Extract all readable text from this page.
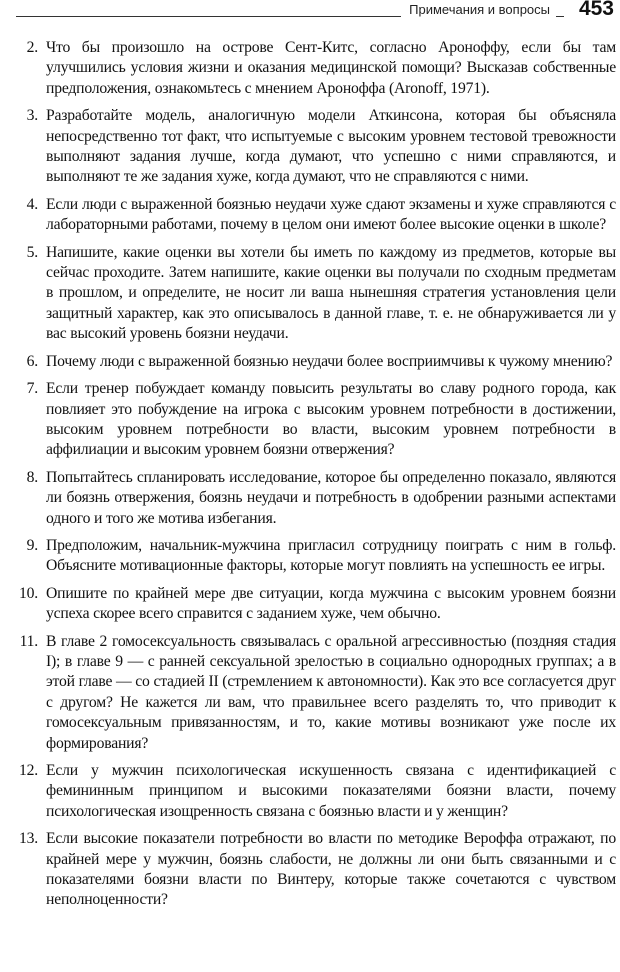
Примечания и вопросы 453
2. Что бы произошло на острове Сент-Китс, согласно Ароноффу, если бы там улучшились условия жизни и оказания медицинской помощи? Высказав собственные предположения, ознакомьтесь с мнением Ароноффа (Aronoff, 1971).
3. Разработайте модель, аналогичную модели Аткинсона, которая бы объясняла непосредственно тот факт, что испытуемые с высоким уровнем тестовой тревожности выполняют задания лучше, когда думают, что успешно с ними справляются, и выполняют те же задания хуже, когда думают, что не справляются с ними.
4. Если люди с выраженной боязнью неудачи хуже сдают экзамены и хуже справляются с лабораторными работами, почему в целом они имеют более высокие оценки в школе?
5. Напишите, какие оценки вы хотели бы иметь по каждому из предметов, которые вы сейчас проходите. Затем напишите, какие оценки вы получали по сходным предметам в прошлом, и определите, не носит ли ваша нынешняя стратегия установления цели защитный характер, как это описывалось в данной главе, т. е. не обнаруживается ли у вас высокий уровень боязни неудачи.
6. Почему люди с выраженной боязнью неудачи более восприимчивы к чужому мнению?
7. Если тренер побуждает команду повысить результаты во славу родного города, как повлияет это побуждение на игрока с высоким уровнем потребности в достижении, высоким уровнем потребности во власти, высоким уровнем потребности в аффилиации и высоким уровнем боязни отвержения?
8. Попытайтесь спланировать исследование, которое бы определенно показало, являются ли боязнь отвержения, боязнь неудачи и потребность в одобрении разными аспектами одного и того же мотива избегания.
9. Предположим, начальник-мужчина пригласил сотрудницу поиграть с ним в гольф. Объясните мотивационные факторы, которые могут повлиять на успешность ее игры.
10. Опишите по крайней мере две ситуации, когда мужчина с высоким уровнем боязни успеха скорее всего справится с заданием хуже, чем обычно.
11. В главе 2 гомосексуальность связывалась с оральной агрессивностью (поздняя стадия I); в главе 9 — с ранней сексуальной зрелостью в социально однородных группах; а в этой главе — со стадией II (стремлением к автономности). Как это все согласуется друг с другом? Не кажется ли вам, что правильнее всего разделять то, что приводит к гомосексуальным привязанностям, и то, какие мотивы возникают уже после их формирования?
12. Если у мужчин психологическая искушенность связана с идентификацией с фемининным принципом и высокими показателями боязни власти, почему психологическая изощренность связана с боязнью власти и у женщин?
13. Если высокие показатели потребности во власти по методике Вероффа отражают, по крайней мере у мужчин, боязнь слабости, не должны ли они быть связанными и с показателями боязни власти по Винтеру, которые также сочетаются с чувством неполноценности?
